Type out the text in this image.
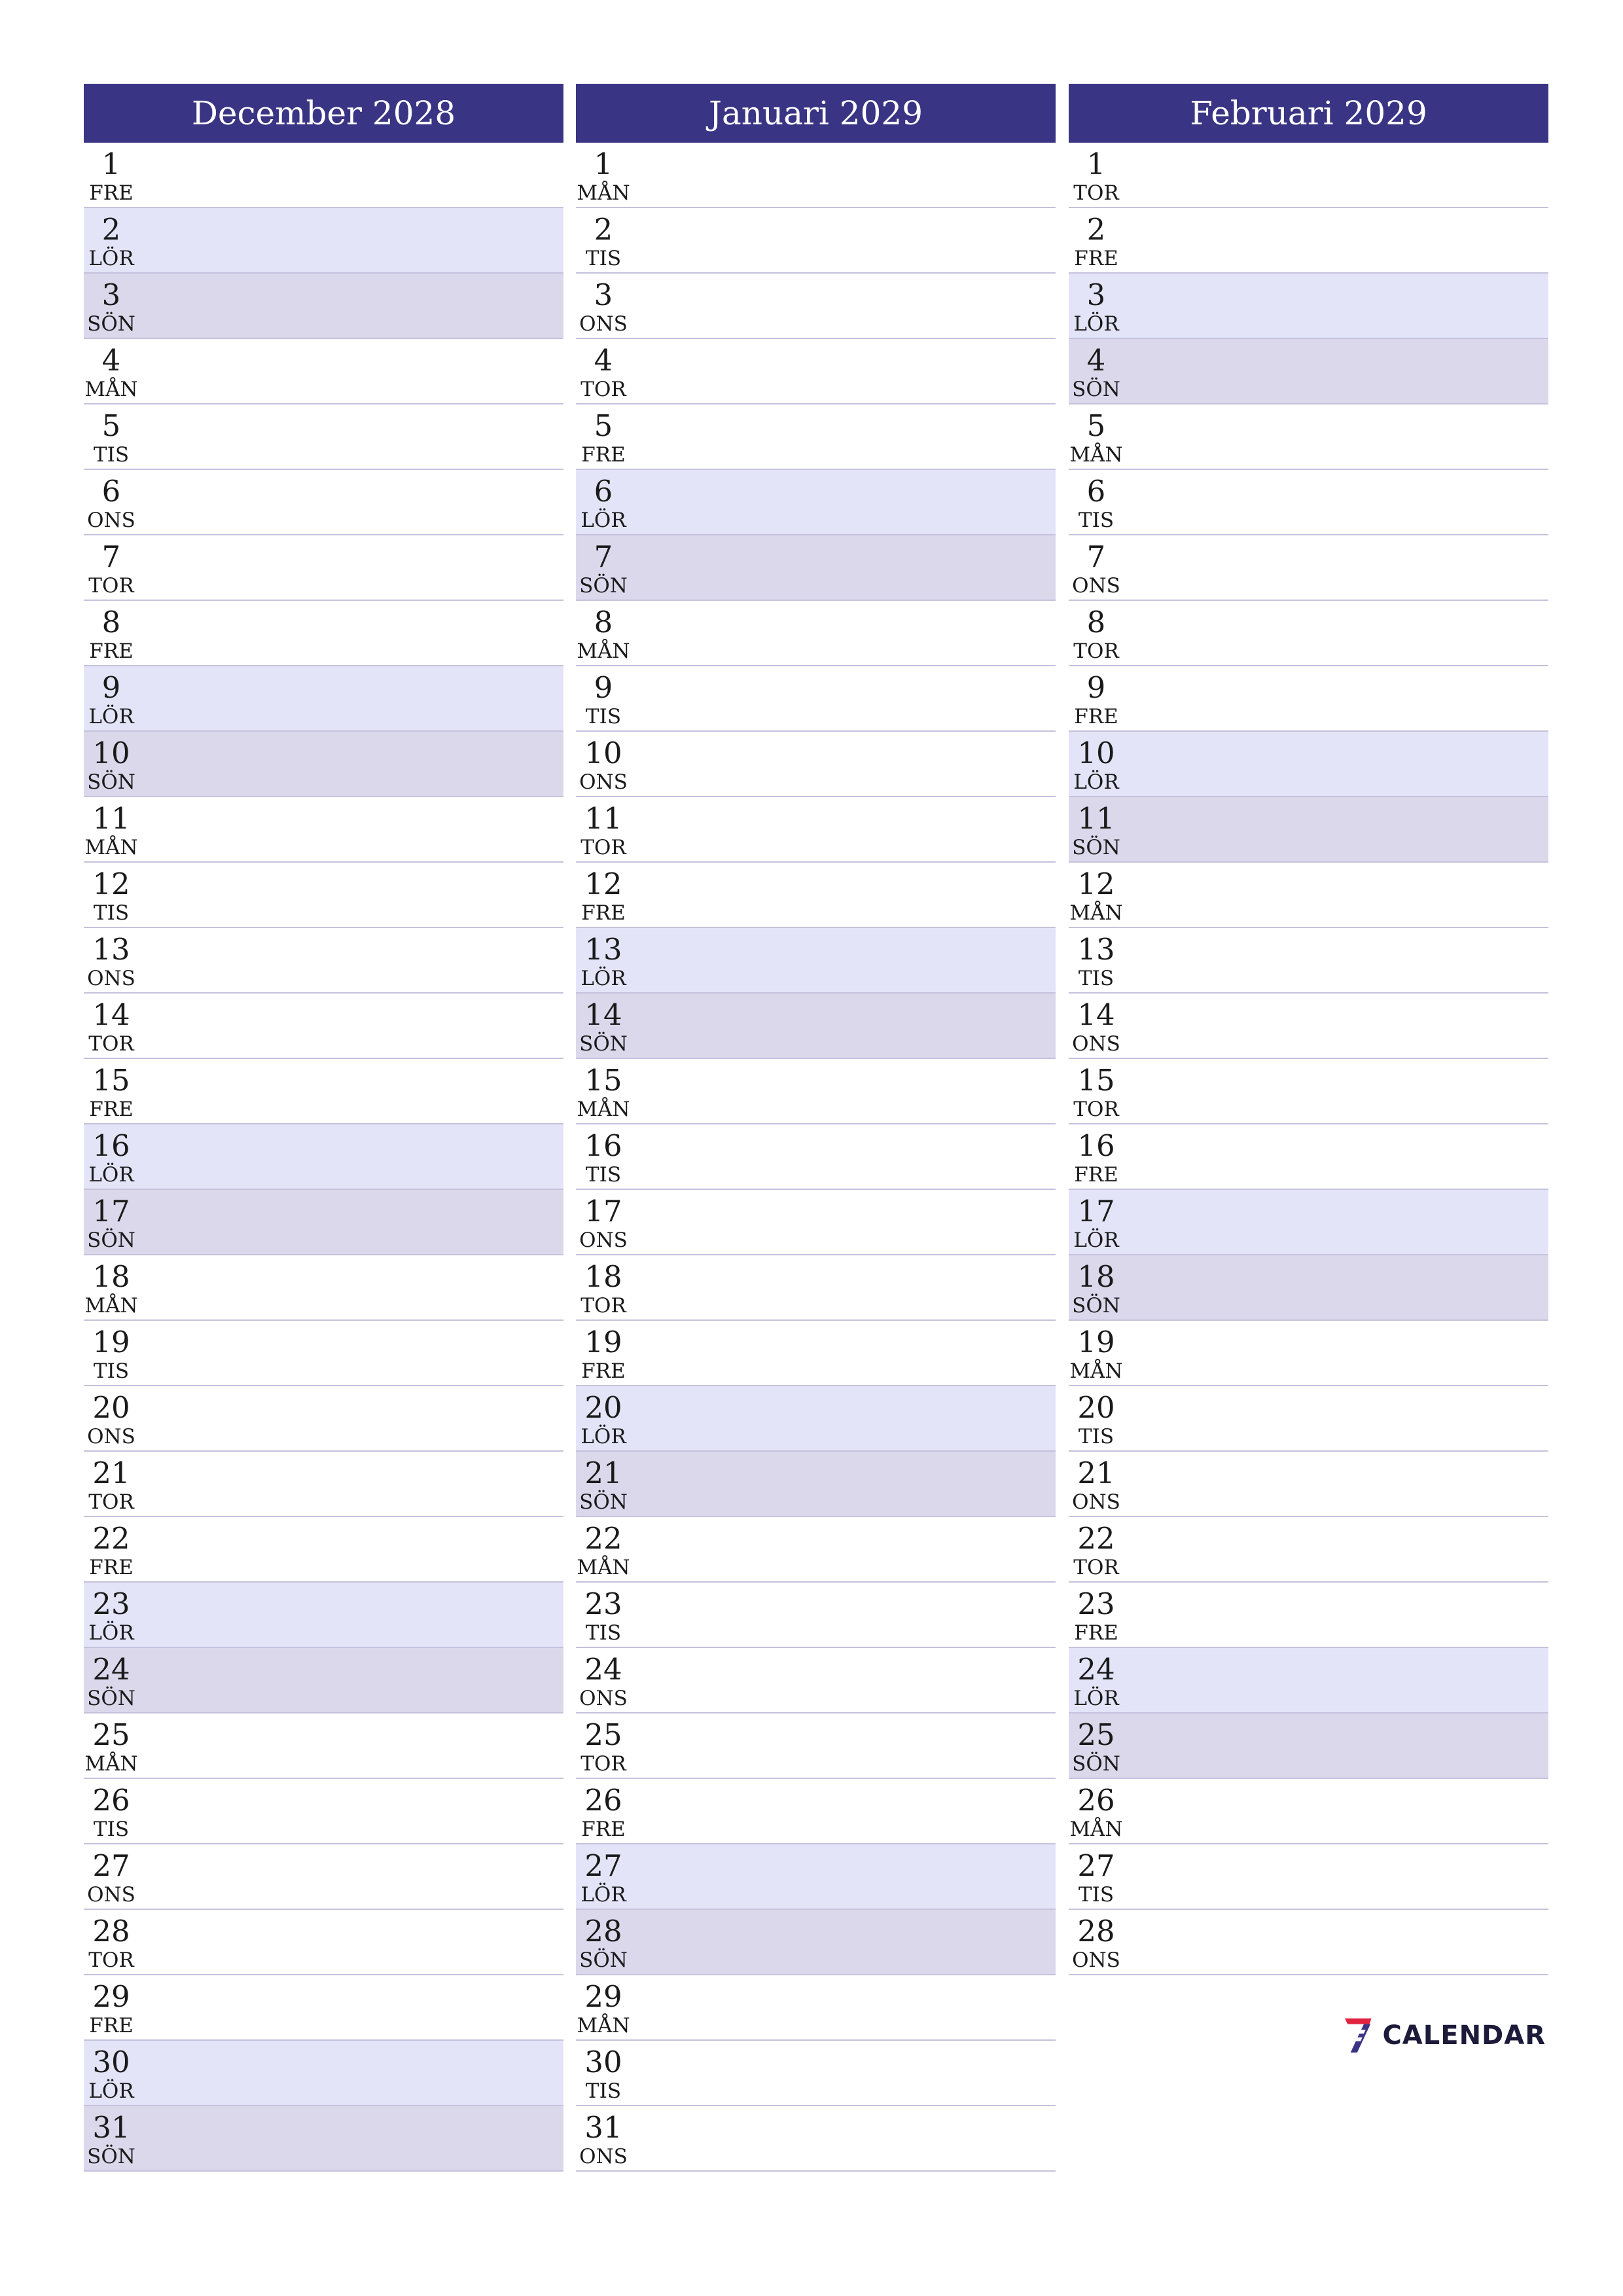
December 2028
1
FRE
2
LÖR
3
SÖN
4
MÅN
5
TIS
6
ONS
7
TOR
8
FRE
9
LÖR
10
SÖN
11
MÅN
12
TIS
13
ONS
14
TOR
15
FRE
16
LÖR
17
SÖN
18
MÅN
19
TIS
20
ONS
21
TOR
22
FRE
23
LÖR
24
SÖN
25
MÅN
26
TIS
27
ONS
28
TOR
29
FRE
30
LÖR
31
SÖN
Januari 2029
1
MÅN
2
TIS
3
ONS
4
TOR
5
FRE
6
LÖR
7
SÖN
8
MÅN
9
TIS
10
ONS
11
TOR
12
FRE
13
LÖR
14
SÖN
15
MÅN
16
TIS
17
ONS
18
TOR
19
FRE
20
LÖR
21
SÖN
22
MÅN
23
TIS
24
ONS
25
TOR
26
FRE
27
LÖR
28
SÖN
29
MÅN
30
TIS
31
ONS
Februari 2029
1
TOR
2
FRE
3
LÖR
4
SÖN
5
MÅN
6
TIS
7
ONS
8
TOR
9
FRE
10
LÖR
11
SÖN
12
MÅN
13
TIS
14
ONS
15
TOR
16
FRE
17
LÖR
18
SÖN
19
MÅN
20
TIS
21
ONS
22
TOR
23
FRE
24
LÖR
25
SÖN
26
MÅN
27
TIS
28
ONS
CALENDAR
